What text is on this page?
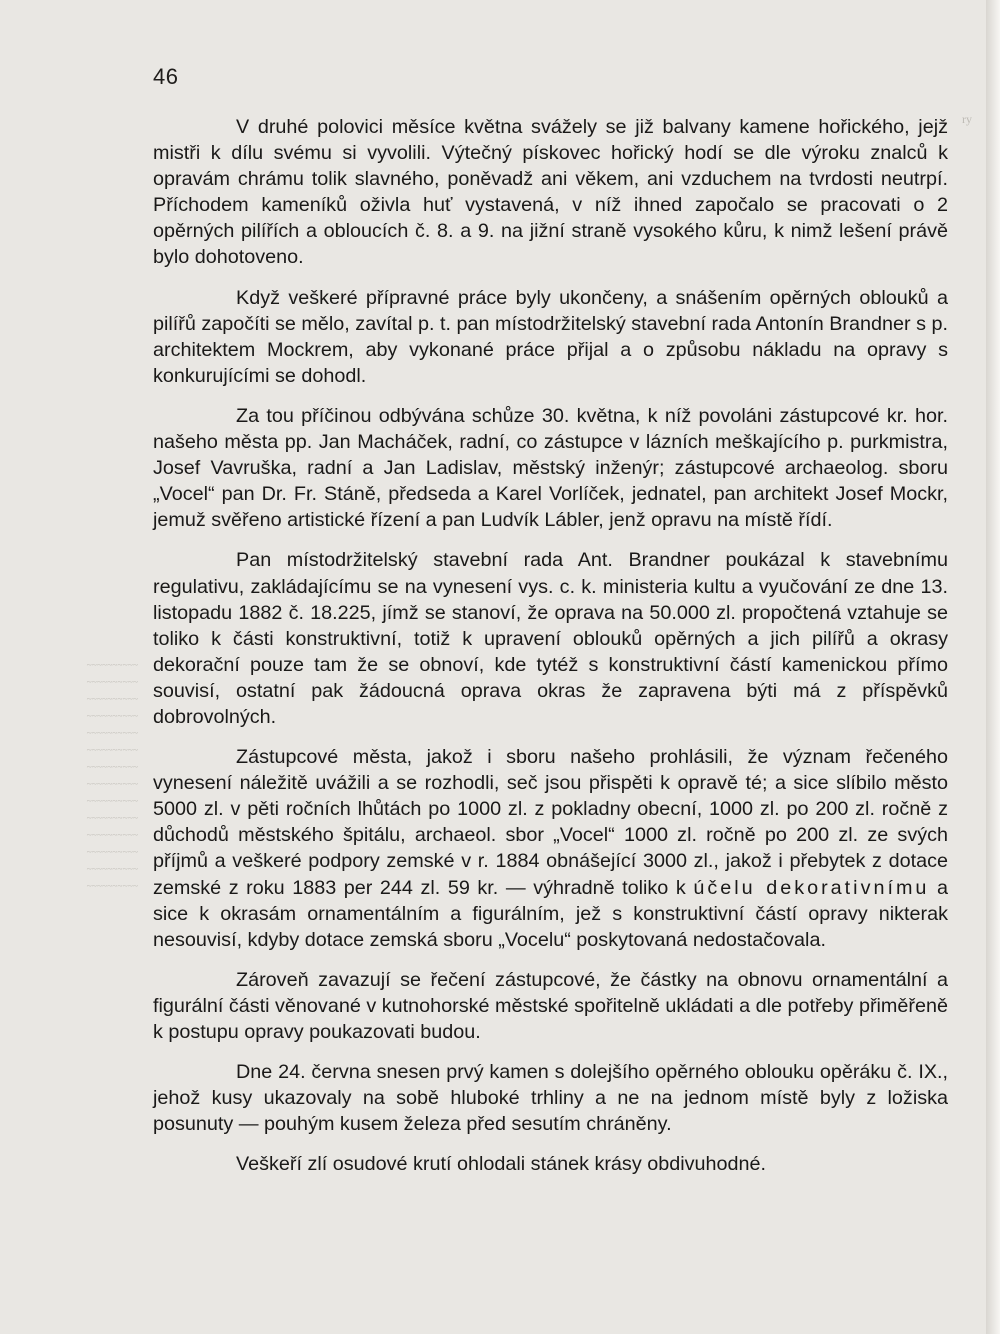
ry

~~~~~~~~~~
~~~~~~~~~~
~~~~~~~~~~
~~~~~~~~~~
~~~~~~~~~~
~~~~~~~~~~
~~~~~~~~~~
~~~~~~~~~~
~~~~~~~~~~
~~~~~~~~~~
~~~~~~~~~~
~~~~~~~~~~
~~~~~~~~~~
~~~~~~~~~~
46

V druhé polovici měsíce května svážely se již balvany kamene hořického, jejž mistři k dílu svému si vyvolili. Výtečný pískovec hořický hodí se dle výroku znalců k opravám chrámu tolik slavného, poněvadž ani věkem, ani vzduchem na tvrdosti neutrpí. Příchodem kameníků oživla huť vystavená, v níž ihned započalo se pracovati o 2 opěrných pilířích a obloucích č. 8. a 9. na jižní straně vysokého kůru, k nimž lešení právě bylo dohotoveno.

Když veškeré přípravné práce byly ukončeny, a snášením opěrných oblouků a pilířů započíti se mělo, zavítal p. t. pan místodržitelský stavební rada Antonín Brandner s p. architektem Mockrem, aby vykonané práce přijal a o způsobu nákladu na opravy s konkurujícími se dohodl.

Za tou příčinou odbývána schůze 30. května, k níž povoláni zástupcové kr. hor. našeho města pp. Jan Macháček, radní, co zástupce v lázních meškajícího p. purkmistra, Josef Vavruška, radní a Jan Ladislav, městský inženýr; zástupcové archaeolog. sboru „Vocel“ pan Dr. Fr. Stáně, předseda a Karel Vorlíček, jednatel, pan architekt Josef Mockr, jemuž svěřeno artistické řízení a pan Ludvík Lábler, jenž opravu na místě řídí.

Pan místodržitelský stavební rada Ant. Brandner poukázal k stavebnímu regulativu, zakládajícímu se na vynesení vys. c. k. ministeria kultu a vyučování ze dne 13. listopadu 1882 č. 18.225, jímž se stanoví, že oprava na 50.000 zl. propočtená vztahuje se toliko k části konstruktivní, totiž k upravení oblouků opěrných a jich pilířů a okrasy dekorační pouze tam že se obnoví, kde tytéž s konstruktivní částí kamenickou přímo souvisí, ostatní pak žádoucná oprava okras že zapravena býti má z příspěvků dobrovolných.

Zástupcové města, jakož i sboru našeho prohlásili, že význam řečeného vynesení náležitě uvážili a se rozhodli, seč jsou přispěti k opravě té; a sice slíbilo město 5000 zl. v pěti ročních lhůtách po 1000 zl. z pokladny obecní, 1000 zl. po 200 zl. ročně z důchodů městského špitálu, archaeol. sbor „Vocel“ 1000 zl. ročně po 200 zl. ze svých příjmů a veškeré podpory zemské v r. 1884 obnášející 3000 zl., jakož i přebytek z dotace zemské z roku 1883 per 244 zl. 59 kr. — výhradně toliko k účelu dekorativnímu a sice k okrasám ornamentálním a figurálním, jež s konstruktivní částí opravy nikterak nesouvisí, kdyby dotace zemská sboru „Vocelu“ poskytovaná nedostačovala.

Zároveň zavazují se řečení zástupcové, že částky na obnovu ornamentální a figurální části věnované v kutnohorské městské spořitelně ukládati a dle potřeby přiměřeně k postupu opravy poukazovati budou.

Dne 24. června snesen prvý kamen s dolejšího opěrného oblouku opěráku č. IX., jehož kusy ukazovaly na sobě hluboké trhliny a ne na jednom místě byly z ložiska posunuty — pouhým kusem železa před sesutím chráněny.

Veškeří zlí osudové krutí ohlodali stánek krásy obdivuhodné.
